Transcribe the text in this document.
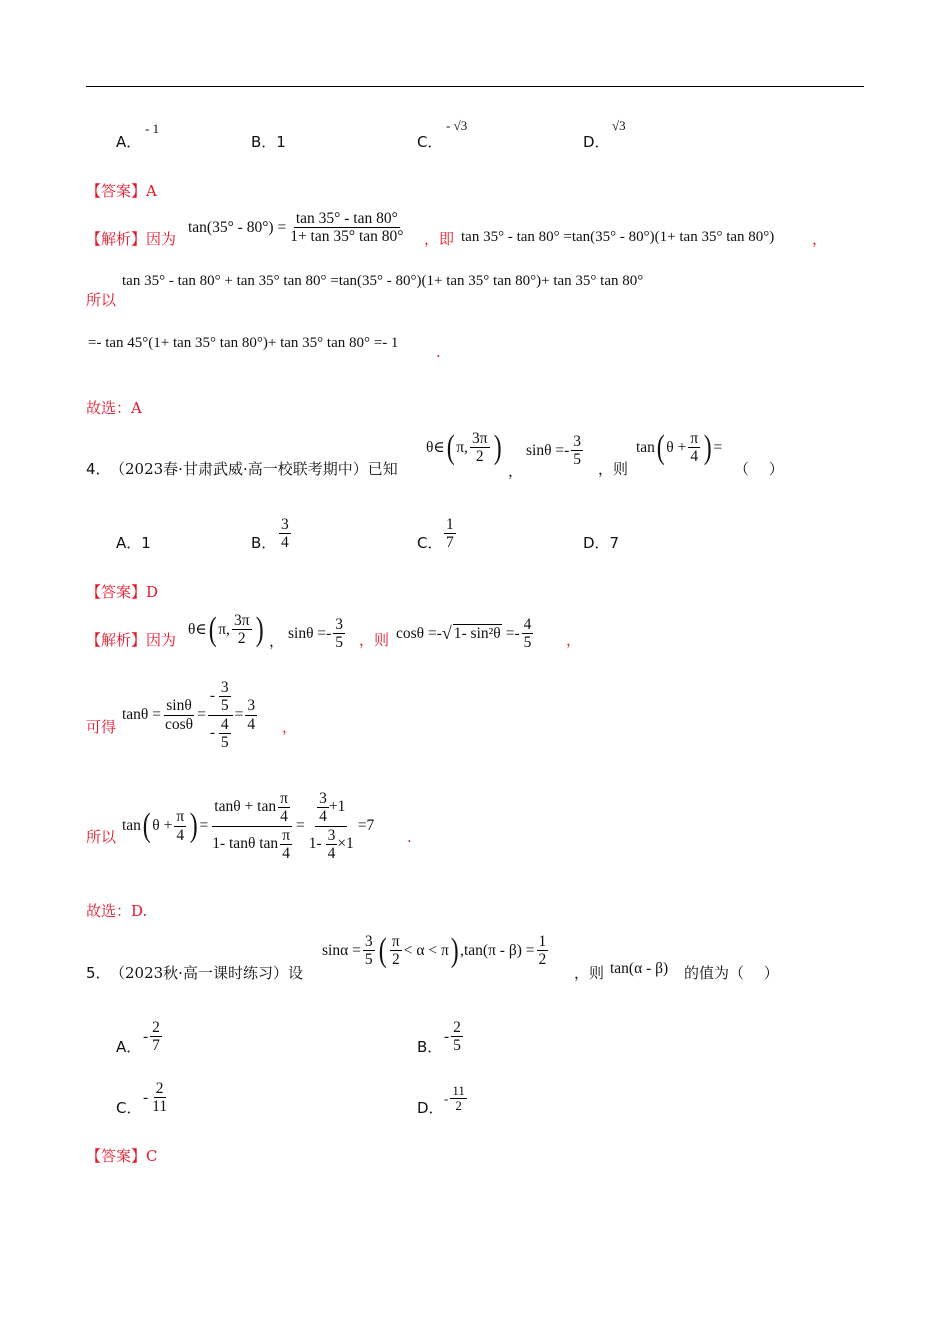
A．
- 1
B．1	C．
- √3
D．
√3
【答案】A
【解析】因为
$\tan(35^\circ - 80^\circ) = \frac{\tan 35^\circ - \tan 80^\circ}{1+ \tan 35^\circ \tan 80^\circ}$ ，即 tan 35° - tan 80° =tan(35° - 80°)(1+ tan 35° tan 80°)	，
所以
tan 35° - tan 80° + tan 35° tan 80° =tan(35° - 80°)(1+ tan 35° tan 80°)+ tan 35° tan 80°
=- tan 45°(1+ tan 35° tan 80°)+ tan 35° tan 80° =- 1	.
故选：A
4． （2023春·甘肃武威·高一校联考期中）已知
θ∈ ( π, $\frac{3\pi}{2}$ )
，
$\sin\theta =- \frac{3}{5}$
，则
tan ( $\theta + \frac{\pi}{4}$ ) =
（　 ）
A．1	B． $\frac{3}{4}$	C． $\frac{1}{7}$	D．7
【答案】D
【解析】因为
θ∈ ( π, $\frac{3\pi}{2}$ ) ， $\sin\theta =- \frac{3}{5}$ ，则 cosθ =- √ 1- $\sin^2\theta =- \frac{4}{5}$ ，
可得
$\tan\theta = \frac{\sin\theta}{\cos\theta} = \frac{- \frac{3}{5}}{- \frac{4}{5}} = \frac{3}{4}$ ，
所以
tan ( $\theta + \frac{\pi}{4}$ ) = $\frac{\tan\theta + \tan \frac{\pi}{4}}{1- \tan\theta \tan \frac{\pi}{4}} = \frac{\frac{3}{4} +1}{1- \frac{3}{4} \times 1} =7$
.
故选：D.
5． （2023秋·高一课时练习）设
$\sin\alpha = \frac{3}{5}$ ( $\frac{\pi}{2} < \alpha < \pi$ ) $,\tan(\pi - \beta) = \frac{1}{2}$
，则 tan(α - β) 的值为（　 ）
A．
- $\frac{2}{7}$	B．
- $\frac{2}{5}$
C．
- $\frac{2}{11}$	D．
- $\frac{11}{2}$
【答案】C
